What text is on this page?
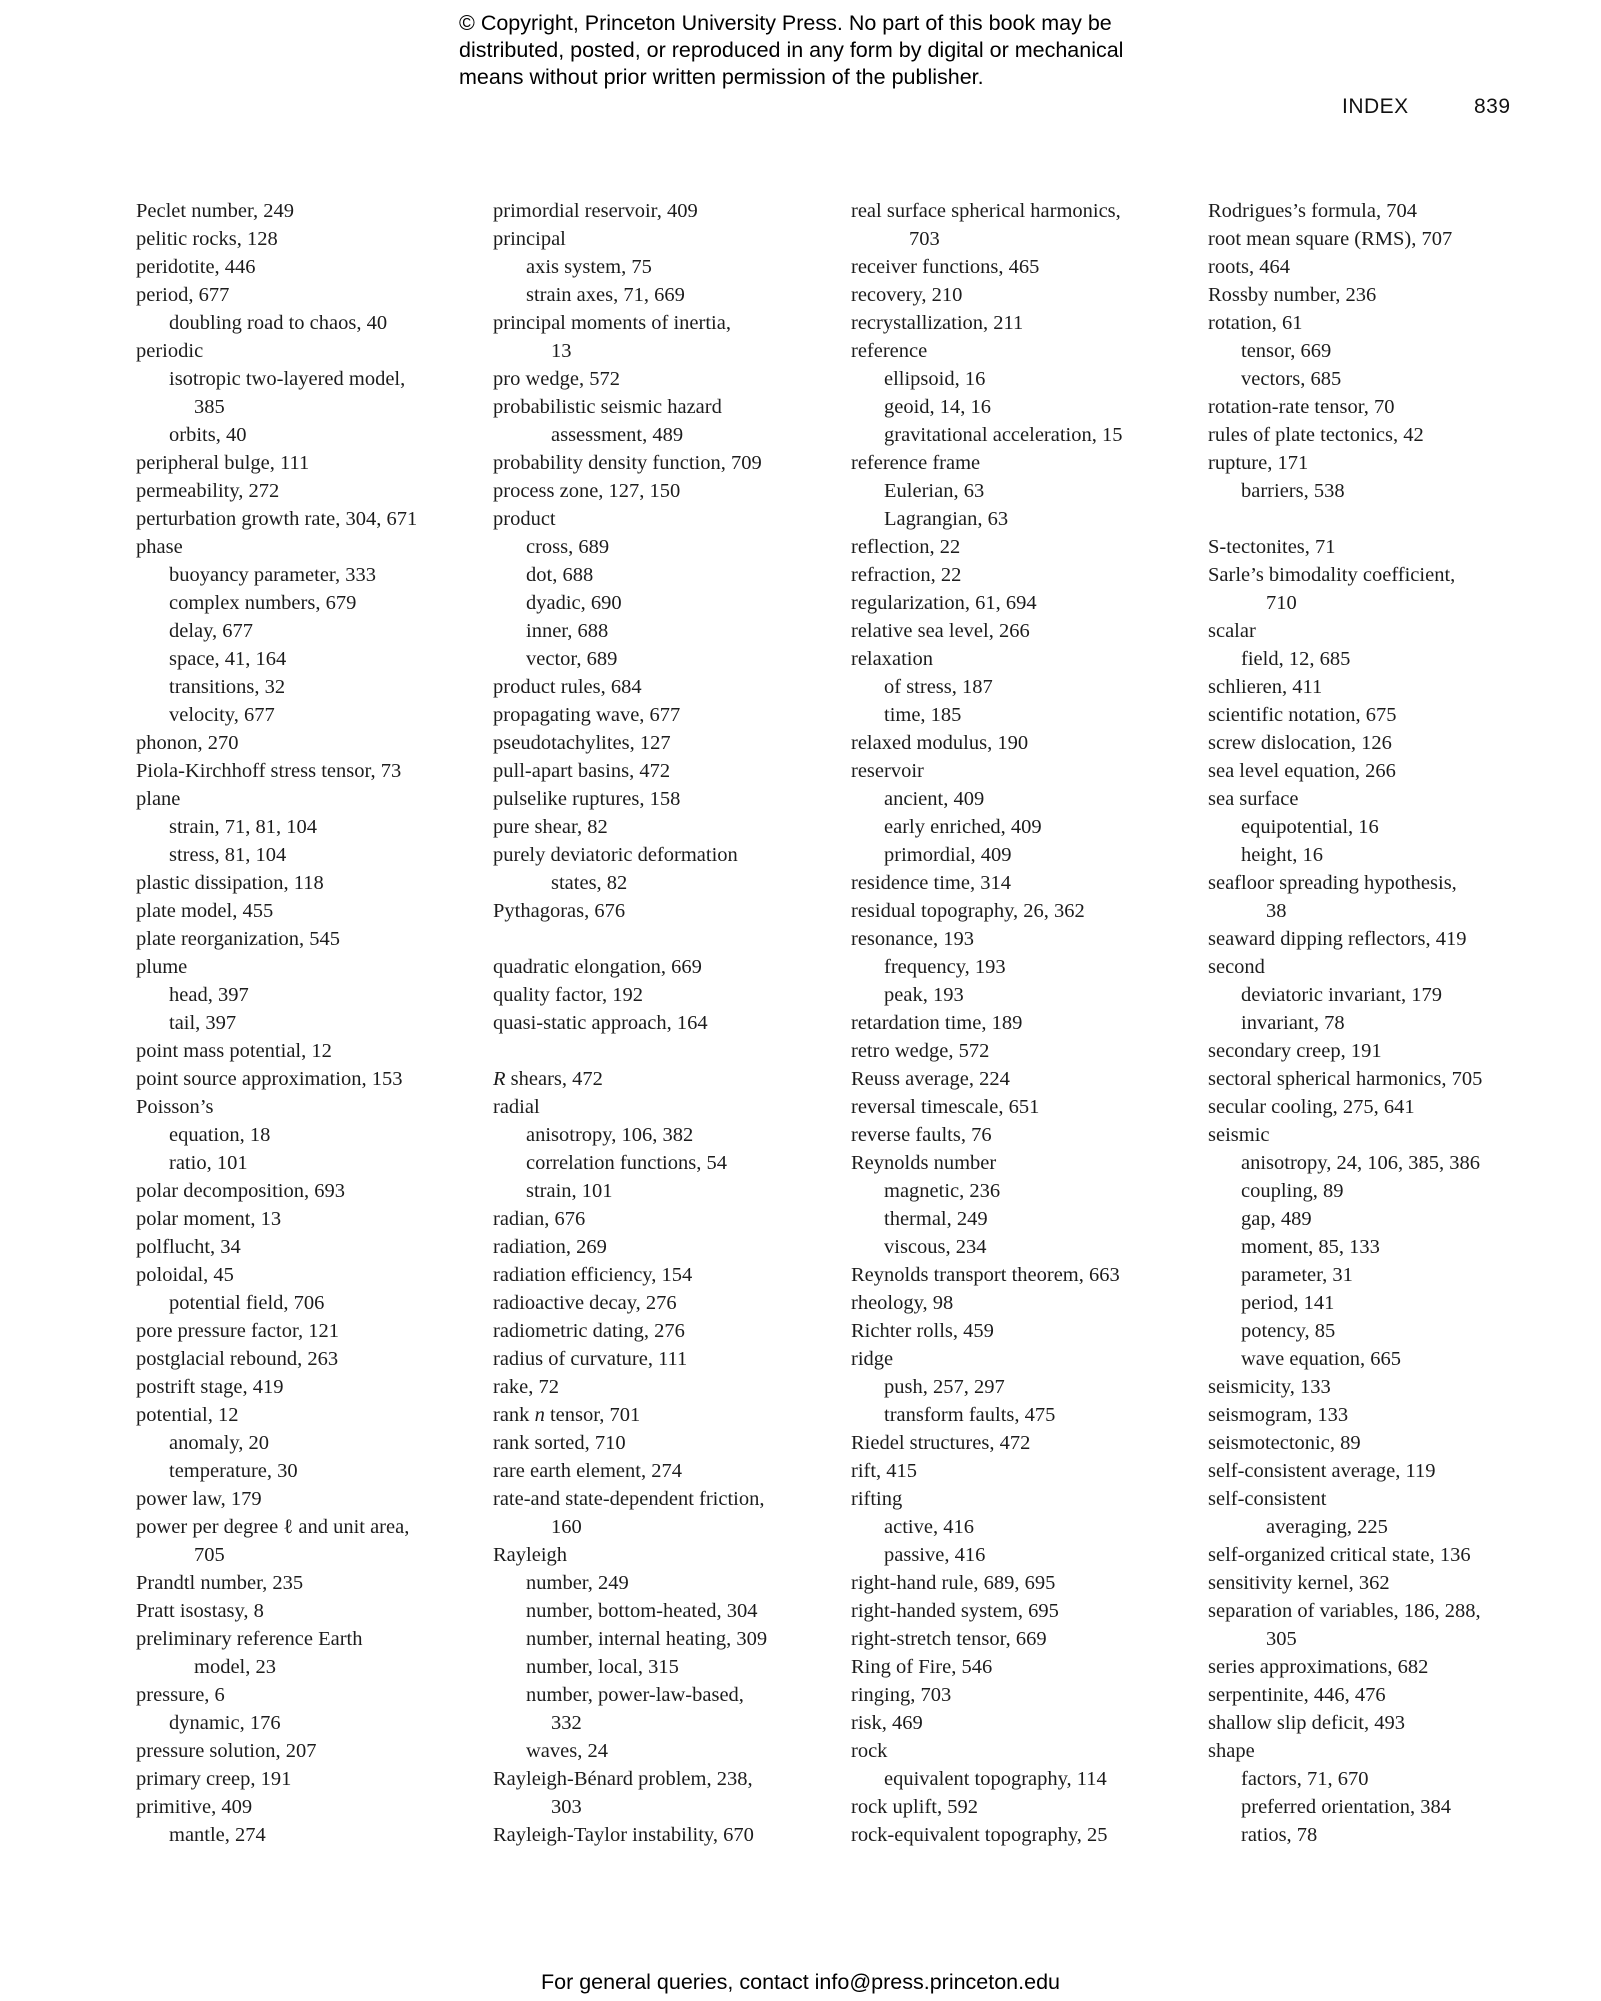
© Copyright, Princeton University Press. No part of this book may be
distributed, posted, or reproduced in any form by digital or mechanical
means without prior written permission of the publisher.
INDEX	839
Peclet number, 249
pelitic rocks, 128
peridotite, 446
period, 677
doubling road to chaos, 40
periodic
isotropic two-layered model,
385
orbits, 40
peripheral bulge, 111
permeability, 272
perturbation growth rate, 304, 671
phase
buoyancy parameter, 333
complex numbers, 679
delay, 677
space, 41, 164
transitions, 32
velocity, 677
phonon, 270
Piola-Kirchhoff stress tensor, 73
plane
strain, 71, 81, 104
stress, 81, 104
plastic dissipation, 118
plate model, 455
plate reorganization, 545
plume
head, 397
tail, 397
point mass potential, 12
point source approximation, 153
Poisson’s
equation, 18
ratio, 101
polar decomposition, 693
polar moment, 13
polflucht, 34
poloidal, 45
potential field, 706
pore pressure factor, 121
postglacial rebound, 263
postrift stage, 419
potential, 12
anomaly, 20
temperature, 30
power law, 179
power per degree ℓ and unit area,
705
Prandtl number, 235
Pratt isostasy, 8
preliminary reference Earth
model, 23
pressure, 6
dynamic, 176
pressure solution, 207
primary creep, 191
primitive, 409
mantle, 274
primordial reservoir, 409
principal
axis system, 75
strain axes, 71, 669
principal moments of inertia,
13
pro wedge, 572
probabilistic seismic hazard
assessment, 489
probability density function, 709
process zone, 127, 150
product
cross, 689
dot, 688
dyadic, 690
inner, 688
vector, 689
product rules, 684
propagating wave, 677
pseudotachylites, 127
pull-apart basins, 472
pulselike ruptures, 158
pure shear, 82
purely deviatoric deformation
states, 82
Pythagoras, 676
quadratic elongation, 669
quality factor, 192
quasi-static approach, 164
R shears, 472
radial
anisotropy, 106, 382
correlation functions, 54
strain, 101
radian, 676
radiation, 269
radiation efficiency, 154
radioactive decay, 276
radiometric dating, 276
radius of curvature, 111
rake, 72
rank n tensor, 701
rank sorted, 710
rare earth element, 274
rate-and state-dependent friction,
160
Rayleigh
number, 249
number, bottom-heated, 304
number, internal heating, 309
number, local, 315
number, power-law-based,
332
waves, 24
Rayleigh-Bénard problem, 238,
303
Rayleigh-Taylor instability, 670
real surface spherical harmonics,
703
receiver functions, 465
recovery, 210
recrystallization, 211
reference
ellipsoid, 16
geoid, 14, 16
gravitational acceleration, 15
reference frame
Eulerian, 63
Lagrangian, 63
reflection, 22
refraction, 22
regularization, 61, 694
relative sea level, 266
relaxation
of stress, 187
time, 185
relaxed modulus, 190
reservoir
ancient, 409
early enriched, 409
primordial, 409
residence time, 314
residual topography, 26, 362
resonance, 193
frequency, 193
peak, 193
retardation time, 189
retro wedge, 572
Reuss average, 224
reversal timescale, 651
reverse faults, 76
Reynolds number
magnetic, 236
thermal, 249
viscous, 234
Reynolds transport theorem, 663
rheology, 98
Richter rolls, 459
ridge
push, 257, 297
transform faults, 475
Riedel structures, 472
rift, 415
rifting
active, 416
passive, 416
right-hand rule, 689, 695
right-handed system, 695
right-stretch tensor, 669
Ring of Fire, 546
ringing, 703
risk, 469
rock
equivalent topography, 114
rock uplift, 592
rock-equivalent topography, 25
Rodrigues’s formula, 704
root mean square (RMS), 707
roots, 464
Rossby number, 236
rotation, 61
tensor, 669
vectors, 685
rotation-rate tensor, 70
rules of plate tectonics, 42
rupture, 171
barriers, 538
S-tectonites, 71
Sarle’s bimodality coefficient,
710
scalar
field, 12, 685
schlieren, 411
scientific notation, 675
screw dislocation, 126
sea level equation, 266
sea surface
equipotential, 16
height, 16
seafloor spreading hypothesis,
38
seaward dipping reflectors, 419
second
deviatoric invariant, 179
invariant, 78
secondary creep, 191
sectoral spherical harmonics, 705
secular cooling, 275, 641
seismic
anisotropy, 24, 106, 385, 386
coupling, 89
gap, 489
moment, 85, 133
parameter, 31
period, 141
potency, 85
wave equation, 665
seismicity, 133
seismogram, 133
seismotectonic, 89
self-consistent average, 119
self-consistent
averaging, 225
self-organized critical state, 136
sensitivity kernel, 362
separation of variables, 186, 288,
305
series approximations, 682
serpentinite, 446, 476
shallow slip deficit, 493
shape
factors, 71, 670
preferred orientation, 384
ratios, 78
For general queries, contact info@press.princeton.edu
